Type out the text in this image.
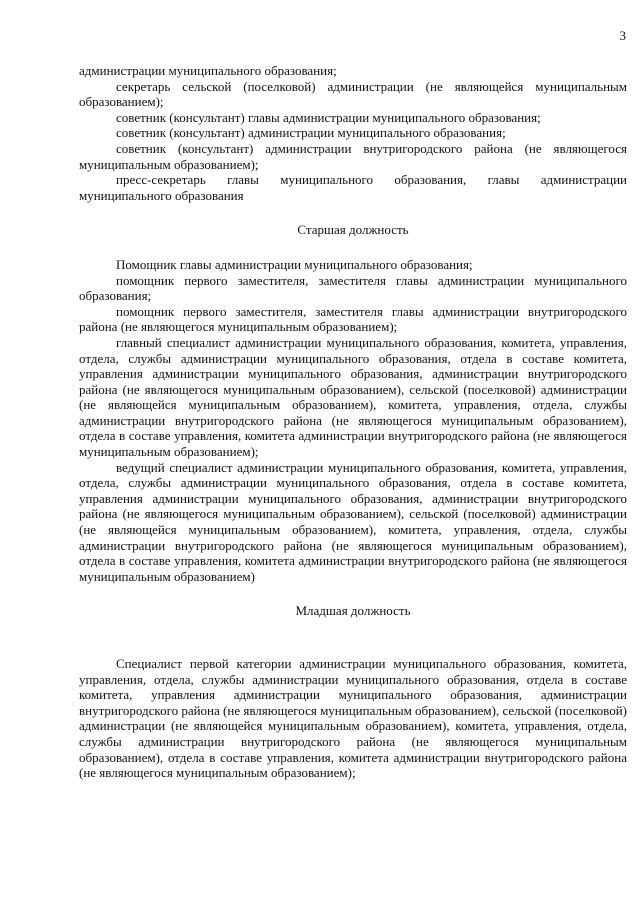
3

администрации муниципального образования;

секретарь сельской (поселковой) администрации (не являющейся муниципальным образованием);

советник (консультант) главы администрации муниципального образования;

советник (консультант) администрации муниципального образования;

советник (консультант) администрации внутригородского района (не являющегося муниципальным образованием);

пресс-секретарь главы муниципального образования, главы администрации муниципального образования

Старшая должность

Помощник главы администрации муниципального образования;

помощник первого заместителя, заместителя главы администрации муниципального образования;

помощник первого заместителя, заместителя главы администрации внутригородского района (не являющегося муниципальным образованием);

главный специалист администрации муниципального образования, комитета, управления, отдела, службы администрации муниципального образования, отдела в составе комитета, управления администрации муниципального образования, администрации внутригородского района (не являющегося муниципальным образованием), сельской (поселковой) администрации (не являющейся муниципальным образованием), комитета, управления, отдела, службы администрации внутригородского района (не являющегося муниципальным образованием), отдела в составе управления, комитета администрации внутригородского района (не являющегося муниципальным образованием);

ведущий специалист администрации муниципального образования, комитета, управления, отдела, службы администрации муниципального образования, отдела в составе комитета, управления администрации муниципального образования, администрации внутригородского района (не являющегося муниципальным образованием), сельской (поселковой) администрации (не являющейся муниципальным образованием), комитета, управления, отдела, службы администрации внутригородского района (не являющегося муниципальным образованием), отдела в составе управления, комитета администрации внутригородского района (не являющегося муниципальным образованием)

Младшая должность

Специалист первой категории администрации муниципального образования, комитета, управления, отдела, службы администрации муниципального образования, отдела в составе комитета, управления администрации муниципального образования, администрации внутригородского района (не являющегося муниципальным образованием), сельской (поселковой) администрации (не являющейся муниципальным образованием), комитета, управления, отдела, службы администрации внутригородского района (не являющегося муниципальным образованием), отдела в составе управления, комитета администрации внутригородского района (не являющегося муниципальным образованием);
